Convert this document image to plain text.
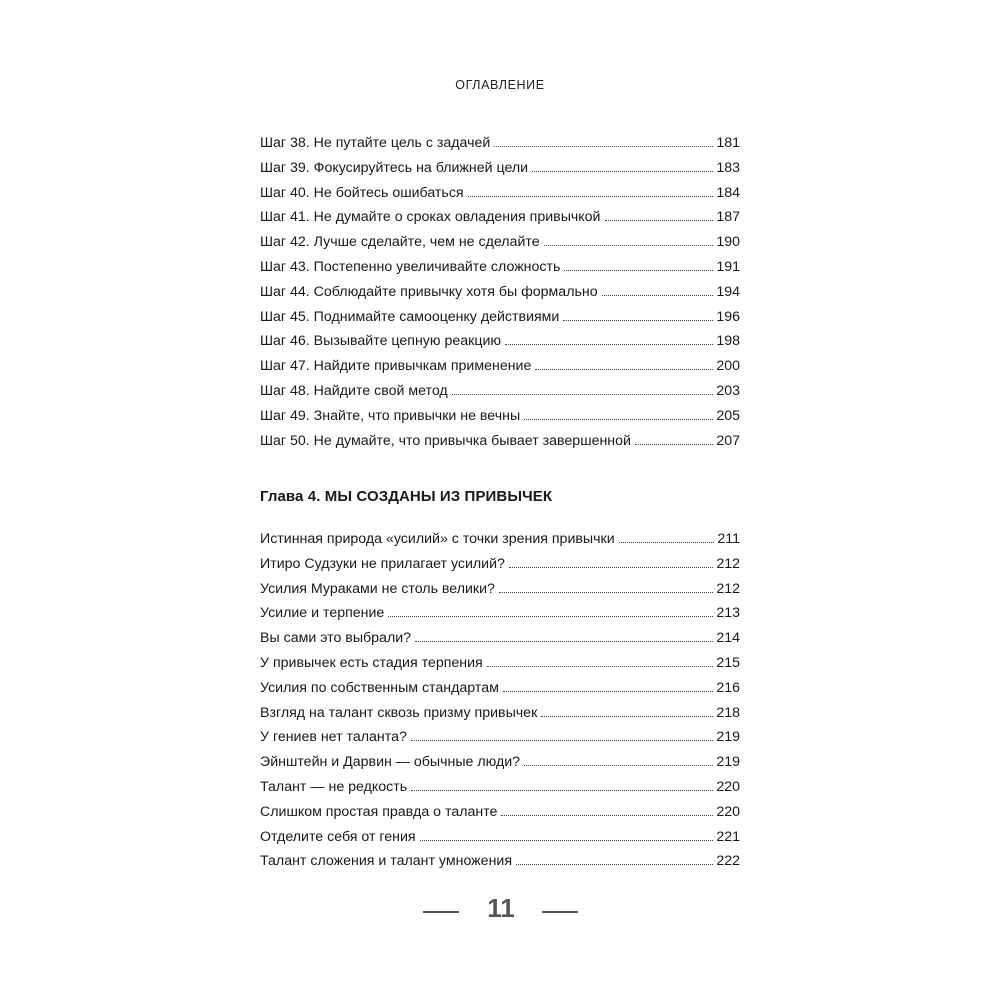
ОГЛАВЛЕНИЕ
Шаг 38. Не путайте цель с задачей	181
Шаг 39. Фокусируйтесь на ближней цели	183
Шаг 40. Не бойтесь ошибаться	184
Шаг 41. Не думайте о сроках овладения привычкой	187
Шаг 42. Лучше сделайте, чем не сделайте	190
Шаг 43. Постепенно увеличивайте сложность	191
Шаг 44. Соблюдайте привычку хотя бы формально	194
Шаг 45. Поднимайте самооценку действиями	196
Шаг 46. Вызывайте цепную реакцию	198
Шаг 47. Найдите привычкам применение	200
Шаг 48. Найдите свой метод	203
Шаг 49. Знайте, что привычки не вечны	205
Шаг 50. Не думайте, что привычка бывает завершенной	207
Глава 4. МЫ СОЗДАНЫ ИЗ ПРИВЫЧЕК
Истинная природа «усилий» с точки зрения привычки	211
Итиро Судзуки не прилагает усилий?	212
Усилия Мураками не столь велики?	212
Усилие и терпение	213
Вы сами это выбрали?	214
У привычек есть стадия терпения	215
Усилия по собственным стандартам	216
Взгляд на талант сквозь призму привычек	218
У гениев нет таланта?	219
Эйнштейн и Дарвин — обычные люди?	219
Талант — не редкость	220
Слишком простая правда о таланте	220
Отделите себя от гения	221
Талант сложения и талант умножения	222
11
